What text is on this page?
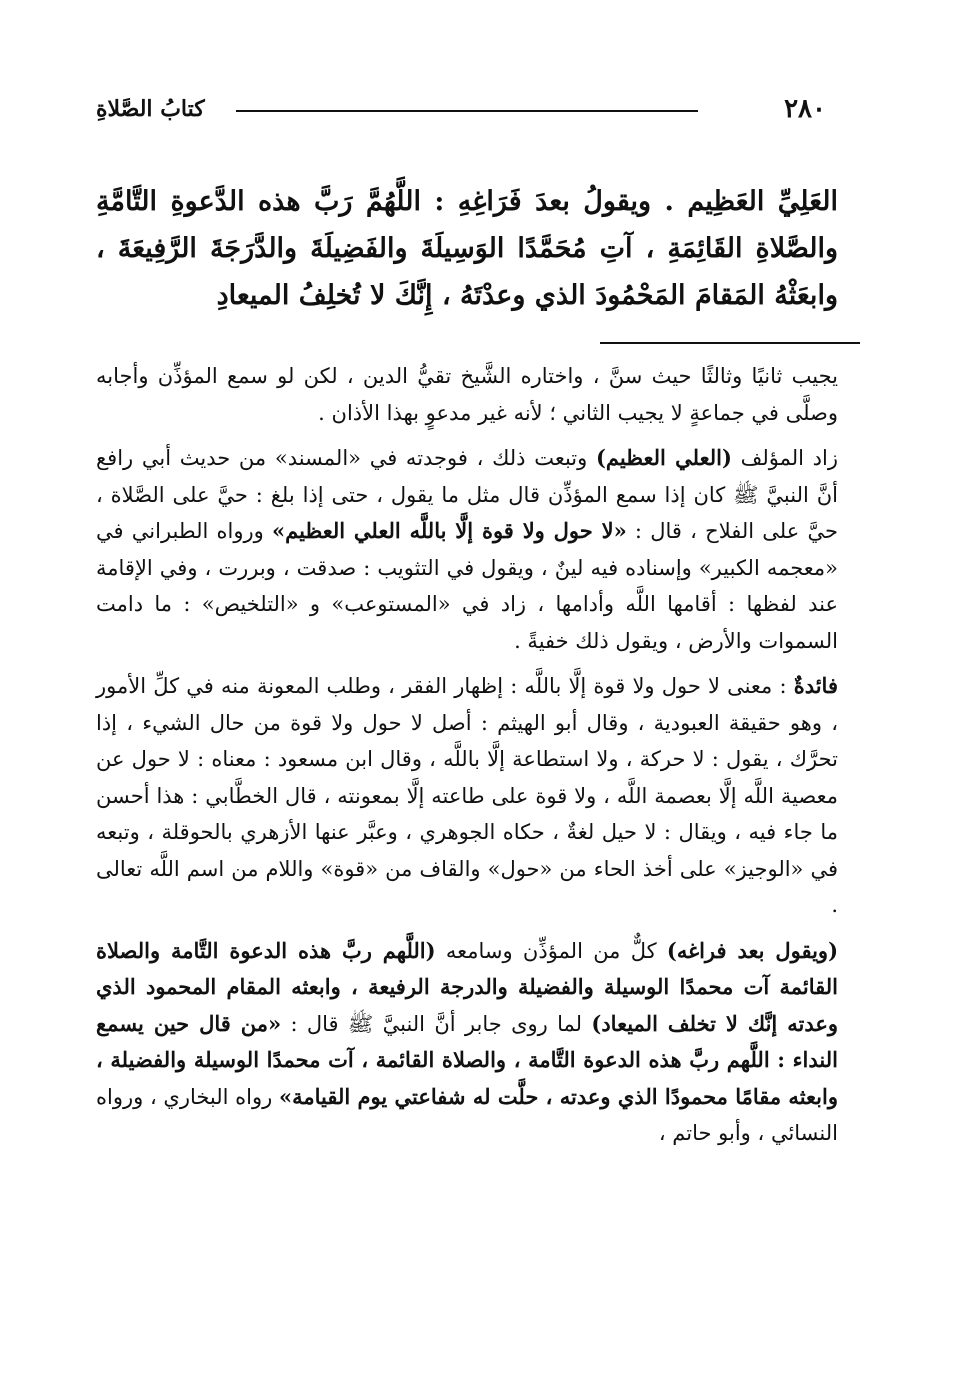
٢٨٠
كتابُ الصَّلاةِ
العَلِيِّ العَظِيم . ويقولُ بعدَ فَرَاغِهِ : اللَّهُمَّ رَبَّ هذه الدَّعوةِ التَّامَّةِ والصَّلاةِ القَائِمَةِ ، آتِ مُحَمَّدًا الوَسِيلَةَ والفَضِيلَةَ والدَّرَجَةَ الرَّفِيعَةَ ، وابعَثْهُ المَقامَ المَحْمُودَ الذي وعدْتَهُ ، إِنَّكَ لا تُخلِفُ الميعادِ

يجيب ثانيًا وثالثًا حيث سنَّ ، واختاره الشَّيخ تقيُّ الدين ، لكن لو سمع المؤذِّن وأجابه وصلَّى في جماعةٍ لا يجيب الثاني ؛ لأنه غير مدعوٍ بهذا الأذان .

زاد المؤلف (العلي العظيم) وتبعت ذلك ، فوجدته في «المسند» من حديث أبي رافع أنَّ النبيَّ ﷺ كان إذا سمع المؤذِّن قال مثل ما يقول ، حتى إذا بلغ : حيَّ على الصَّلاة ، حيَّ على الفلاح ، قال : «لا حول ولا قوة إلَّا باللَّه العلي العظيم» ورواه الطبراني في «معجمه الكبير» وإسناده فيه لينٌ ، ويقول في التثويب : صدقت ، وبررت ، وفي الإقامة عند لفظها : أقامها اللَّه وأدامها ، زاد في «المستوعب» و «التلخيص» : ما دامت السموات والأرض ، ويقول ذلك خفيةً .

فائدةٌ : معنى لا حول ولا قوة إلَّا باللَّه : إظهار الفقر ، وطلب المعونة منه في كلِّ الأمور ، وهو حقيقة العبودية ، وقال أبو الهيثم : أصل لا حول ولا قوة من حال الشيء ، إذا تحرَّك ، يقول : لا حركة ، ولا استطاعة إلَّا باللَّه ، وقال ابن مسعود : معناه : لا حول عن معصية اللَّه إلَّا بعصمة اللَّه ، ولا قوة على طاعته إلَّا بمعونته ، قال الخطَّابي : هذا أحسن ما جاء فيه ، ويقال : لا حيل لغةٌ ، حكاه الجوهري ، وعبَّر عنها الأزهري بالحوقلة ، وتبعه في «الوجيز» على أخذ الحاء من «حول» والقاف من «قوة» واللام من اسم اللَّه تعالى .

(ويقول بعد فراغه) كلٌّ من المؤذِّن وسامعه (اللَّهم ربَّ هذه الدعوة التَّامة والصلاة القائمة آت محمدًا الوسيلة والفضيلة والدرجة الرفيعة ، وابعثه المقام المحمود الذي وعدته إنَّك لا تخلف الميعاد) لما روى جابر أنَّ النبيَّ ﷺ قال : «من قال حين يسمع النداء : اللَّهم ربَّ هذه الدعوة التَّامة ، والصلاة القائمة ، آت محمدًا الوسيلة والفضيلة ، وابعثه مقامًا محمودًا الذي وعدته ، حلَّت له شفاعتي يوم القيامة» رواه البخاري ، ورواه النسائي ، وأبو حاتم ،
